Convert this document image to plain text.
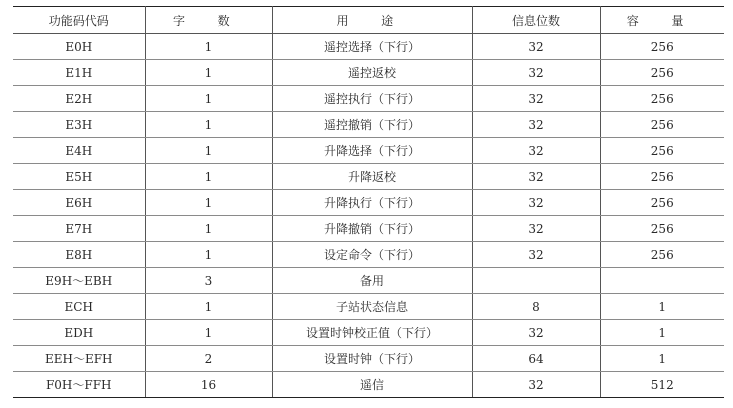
功能码代码	字 数	用 途	信息位数	容 量
E0H	1	遥控选择（下行）	32	256
E1H	1	遥控返校	32	256
E2H	1	遥控执行（下行）	32	256
E3H	1	遥控撤销（下行）	32	256
E4H	1	升降选择（下行）	32	256
E5H	1	升降返校	32	256
E6H	1	升降执行（下行）	32	256
E7H	1	升降撤销（下行）	32	256
E8H	1	设定命令（下行）	32	256
E9H～EBH	3	备用		
ECH	1	子站状态信息	8	1
EDH	1	设置时钟校正值（下行）	32	1
EEH～EFH	2	设置时钟（下行）	64	1
F0H～FFH	16	遥信	32	512
